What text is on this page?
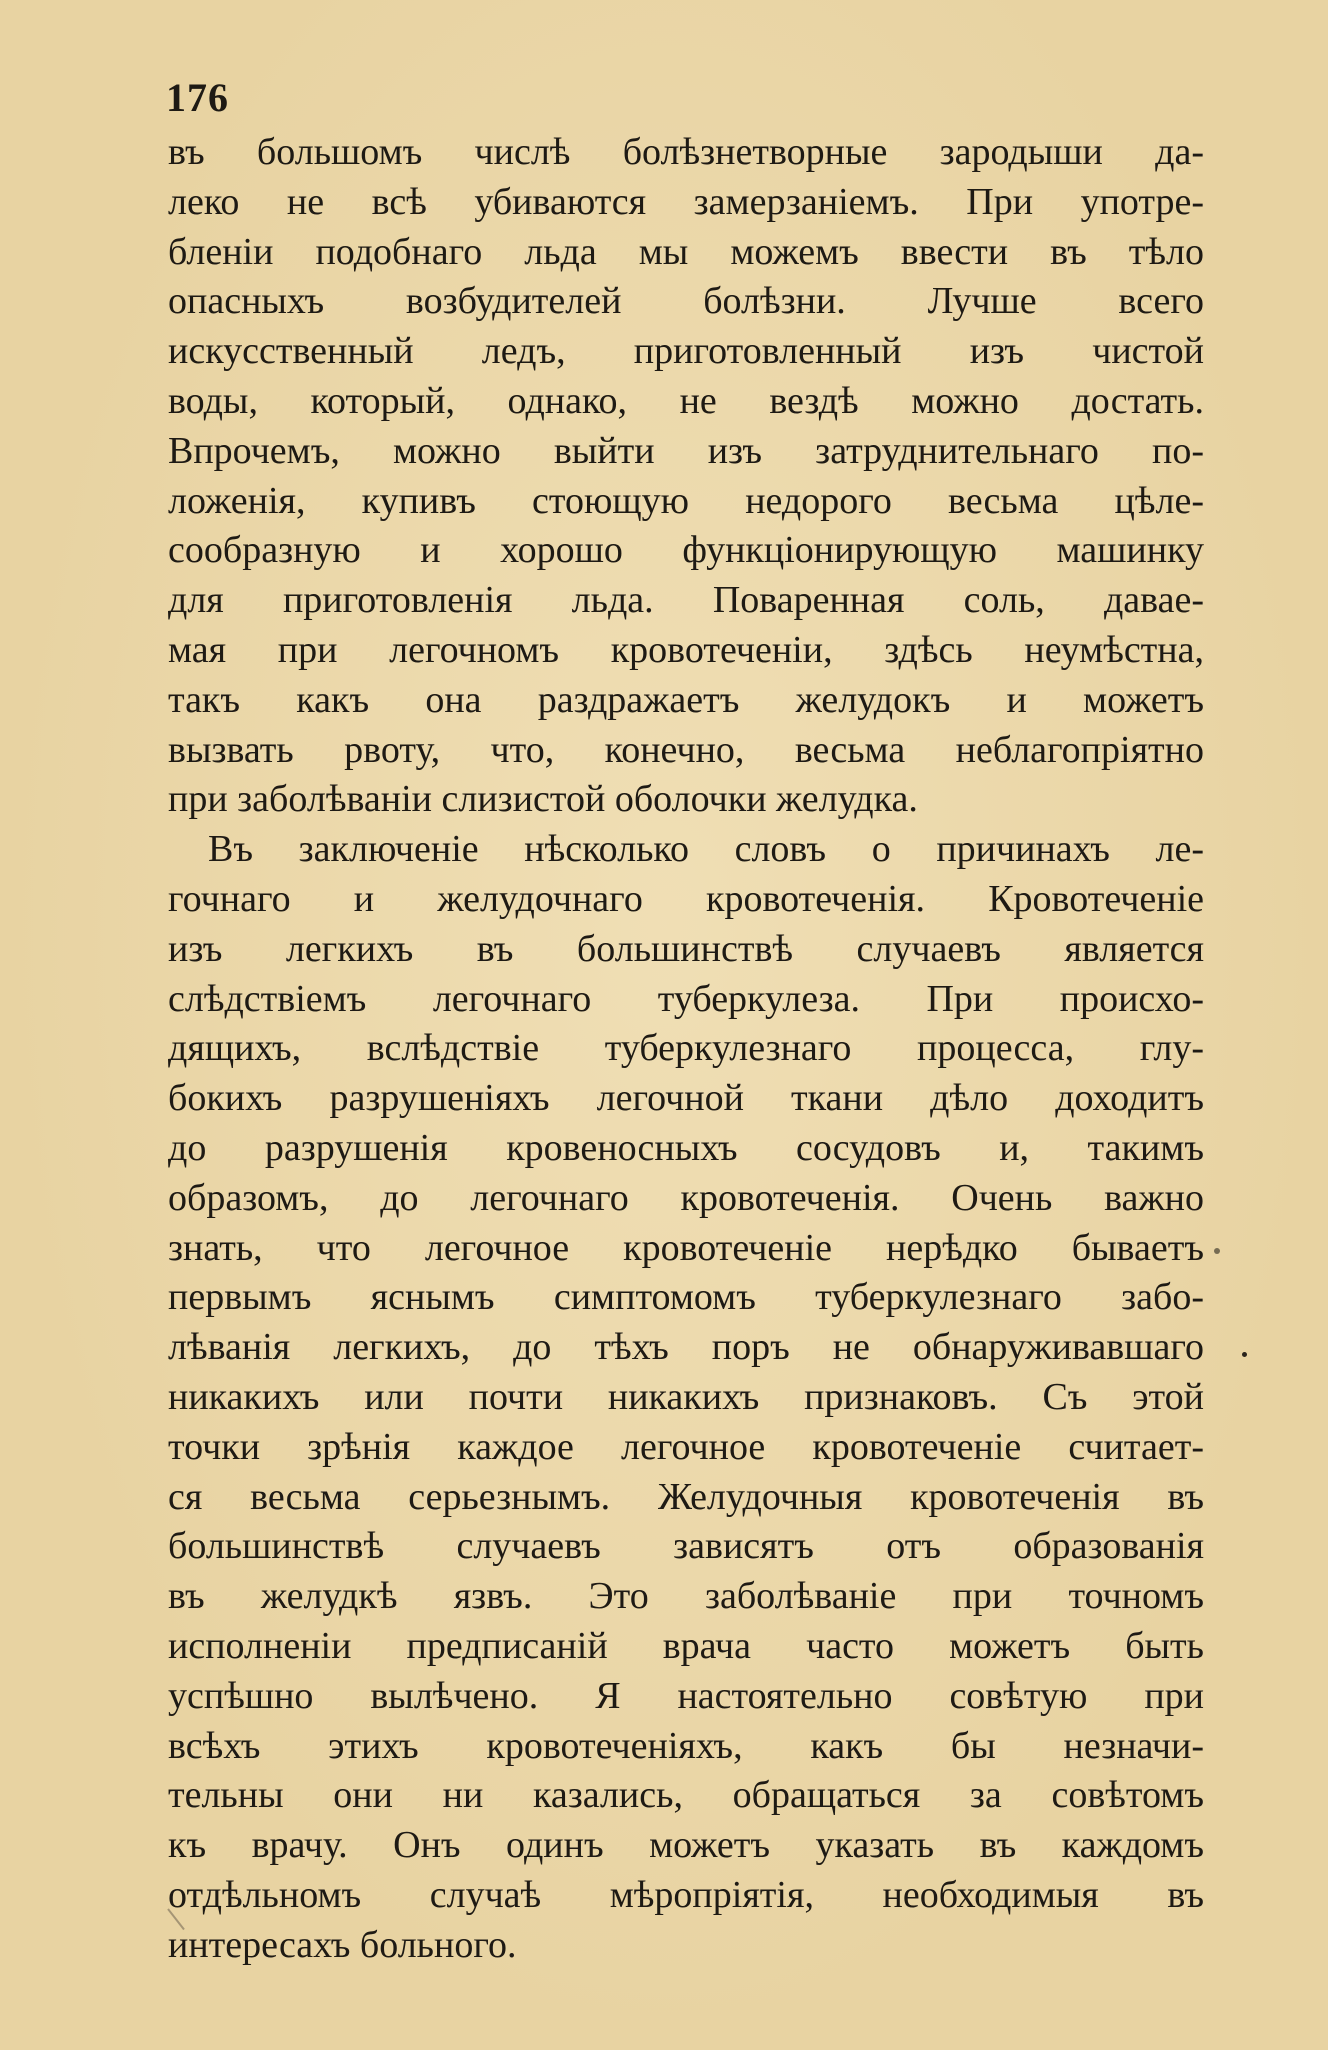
176
въ большомъ числѣ болѣзнетворные зародыши да-
леко не всѣ убиваются замерзаніемъ. При употре-
бленіи подобнаго льда мы можемъ ввести въ тѣло
опасныхъ возбудителей болѣзни. Лучше всего
искусственный ледъ, приготовленный изъ чистой
воды, который, однако, не вездѣ можно достать.
Впрочемъ, можно выйти изъ затруднительнаго по-
ложенія, купивъ стоющую недорого весьма цѣле-
сообразную и хорошо функціонирующую машинку
для приготовленія льда. Поваренная соль, давае-
мая при легочномъ кровотеченіи, здѣсь неумѣстна,
такъ какъ она раздражаетъ желудокъ и можетъ
вызвать рвоту, что, конечно, весьма неблагопріятно
при заболѣваніи слизистой оболочки желудка.
Въ заключеніе нѣсколько словъ о причинахъ ле-
гочнаго и желудочнаго кровотеченія. Кровотеченіе
изъ легкихъ въ большинствѣ случаевъ является
слѣдствіемъ легочнаго туберкулеза. При происхо-
дящихъ, вслѣдствіе туберкулезнаго процесса, глу-
бокихъ разрушеніяхъ легочной ткани дѣло доходитъ
до разрушенія кровеносныхъ сосудовъ и, такимъ
образомъ, до легочнаго кровотеченія. Очень важно
знать, что легочное кровотеченіе нерѣдко бываетъ
первымъ яснымъ симптомомъ туберкулезнаго забо-
лѣванія легкихъ, до тѣхъ поръ не обнаруживавшаго
никакихъ или почти никакихъ признаковъ. Съ этой
точки зрѣнія каждое легочное кровотеченіе считает-
ся весьма серьезнымъ. Желудочныя кровотеченія въ
большинствѣ случаевъ зависятъ отъ образованія
въ желудкѣ язвъ. Это заболѣваніе при точномъ
исполненіи предписаній врача часто можетъ быть
успѣшно вылѣчено. Я настоятельно совѣтую при
всѣхъ этихъ кровотеченіяхъ, какъ бы незначи-
тельны они ни казались, обращаться за совѣтомъ
къ врачу. Онъ одинъ можетъ указать въ каждомъ
отдѣльномъ случаѣ мѣропріятія, необходимыя въ
интересахъ больного.
